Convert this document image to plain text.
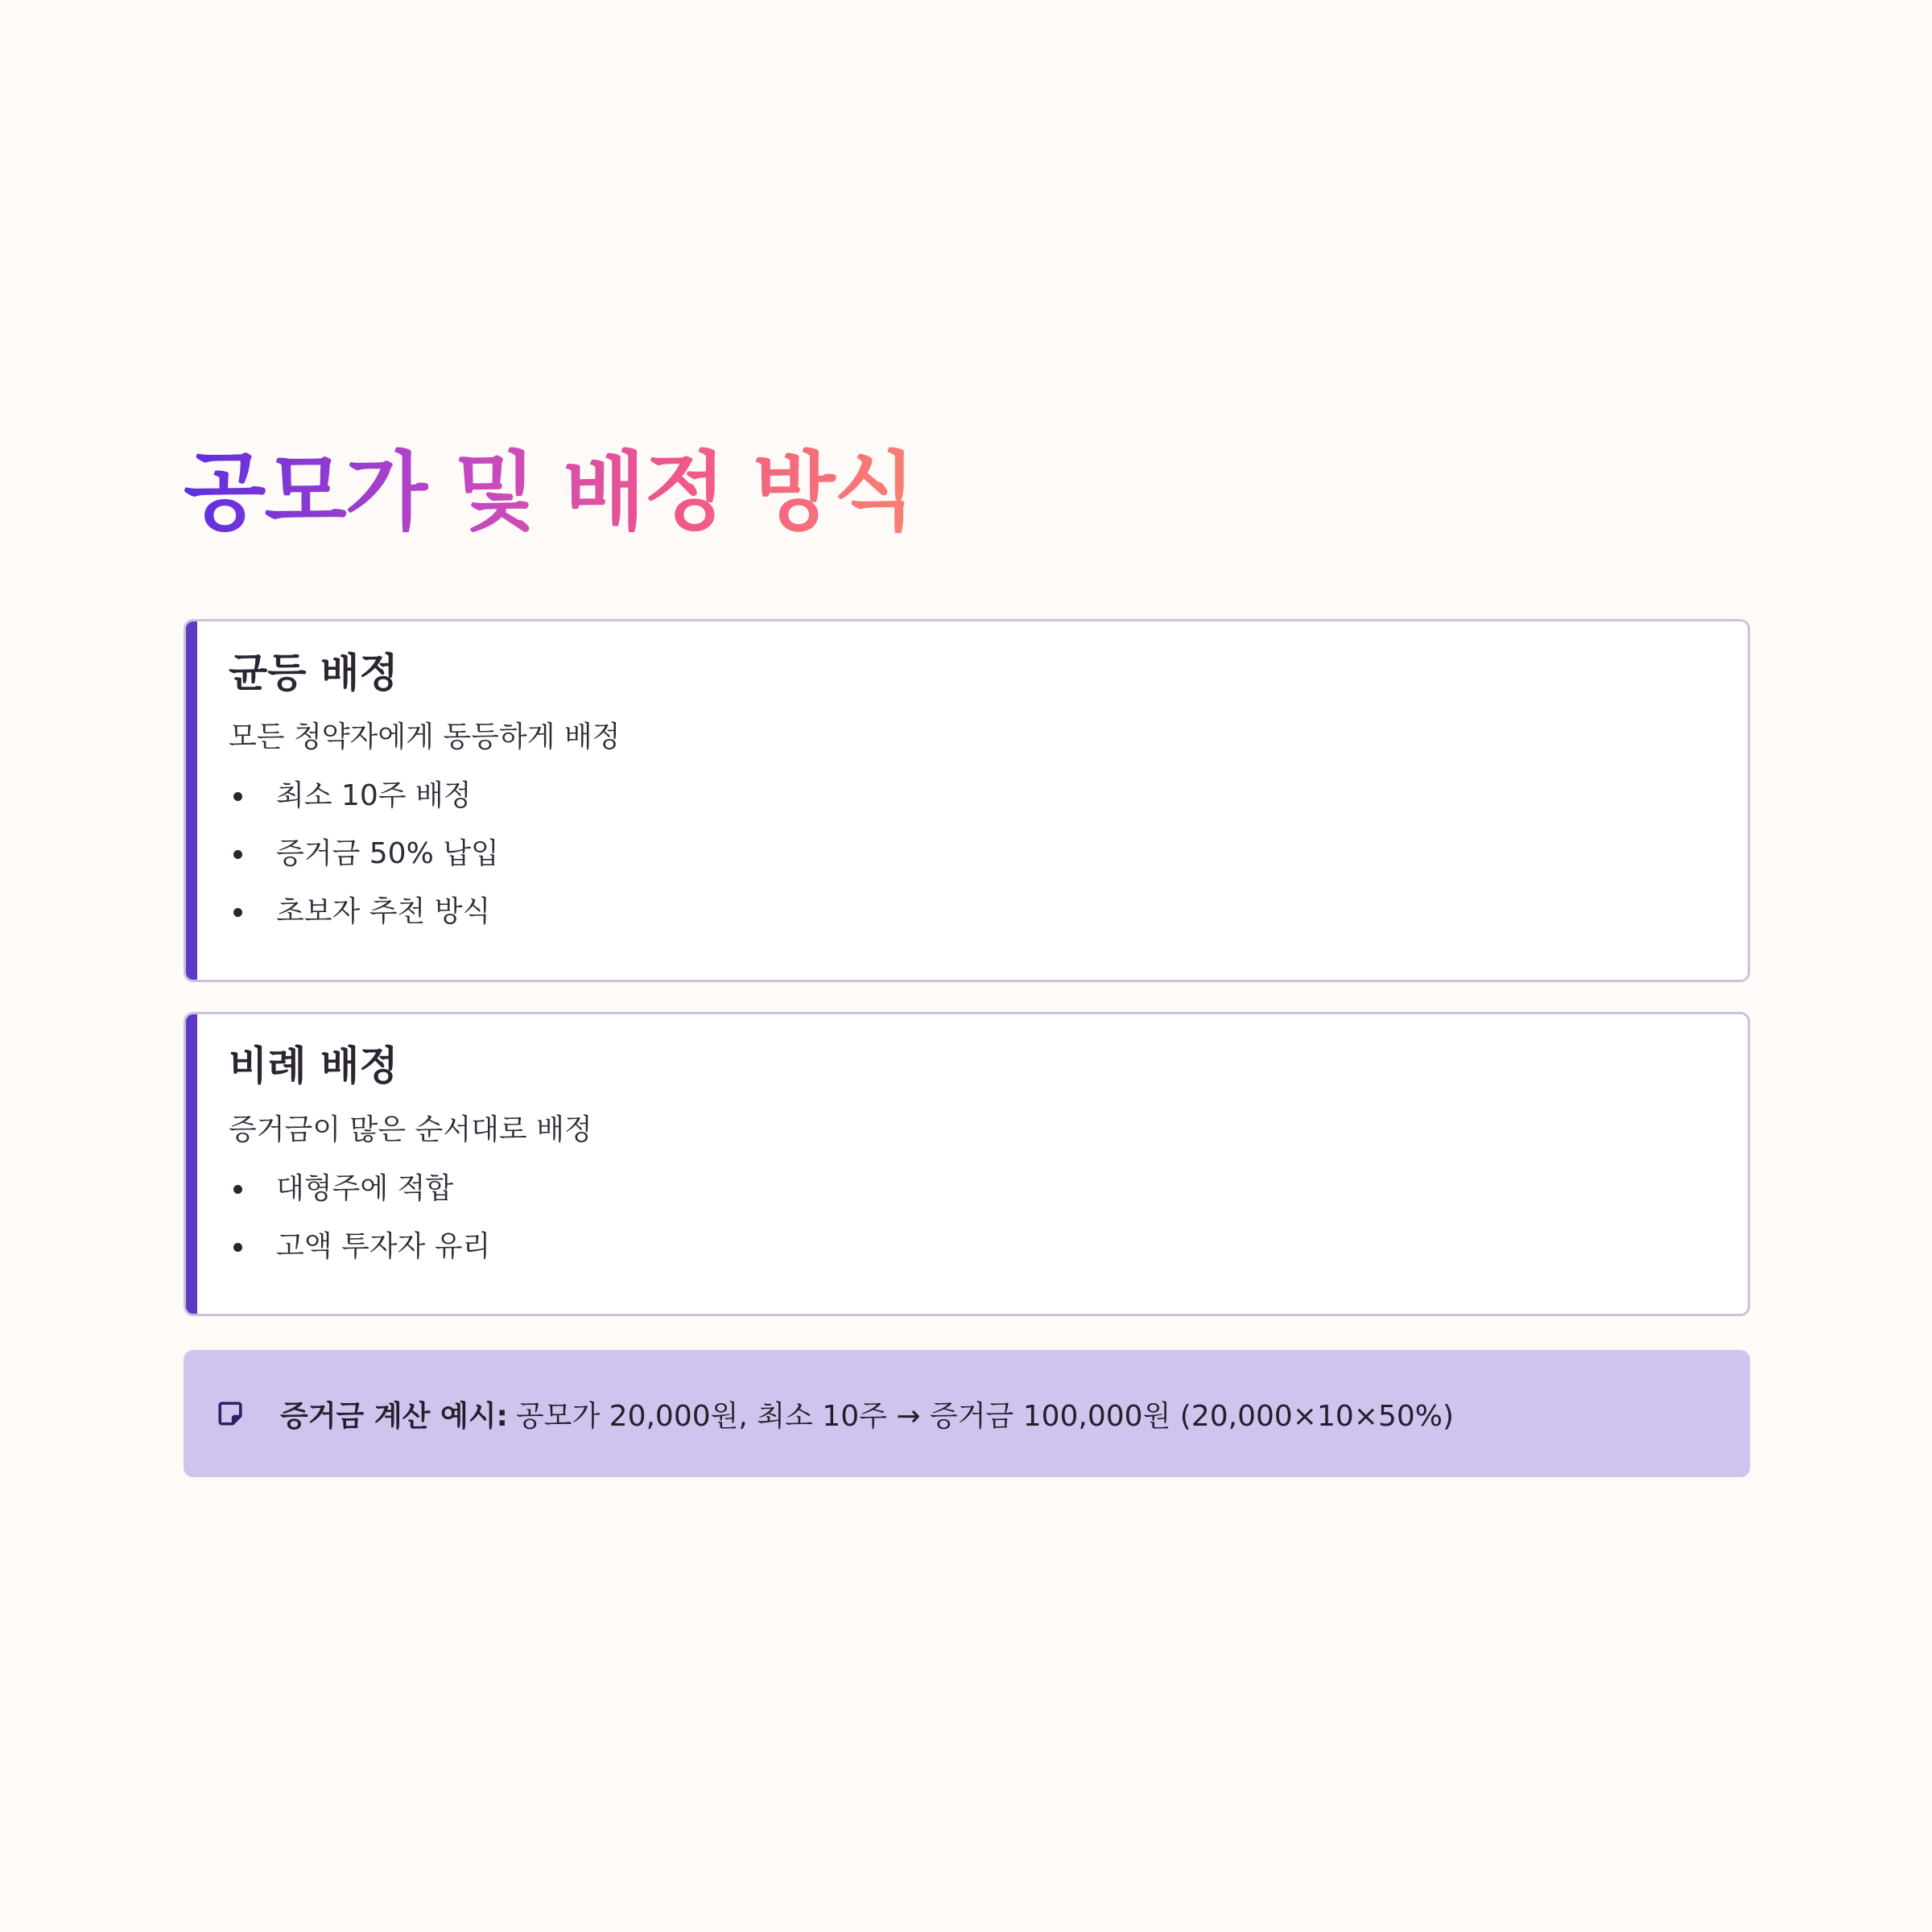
공모가 및 배정 방식
균등 배정

모든 청약자에게 동등하게 배정

최소 10주 배정
증거금 50% 납입
초보자 추천 방식
비례 배정

증거금이 많은 순서대로 배정

대형주에 적합
고액 투자자 유리
증거금 계산 예시: 공모가 20,000원, 최소 10주 → 증거금 100,000원 (20,000×10×50%)
